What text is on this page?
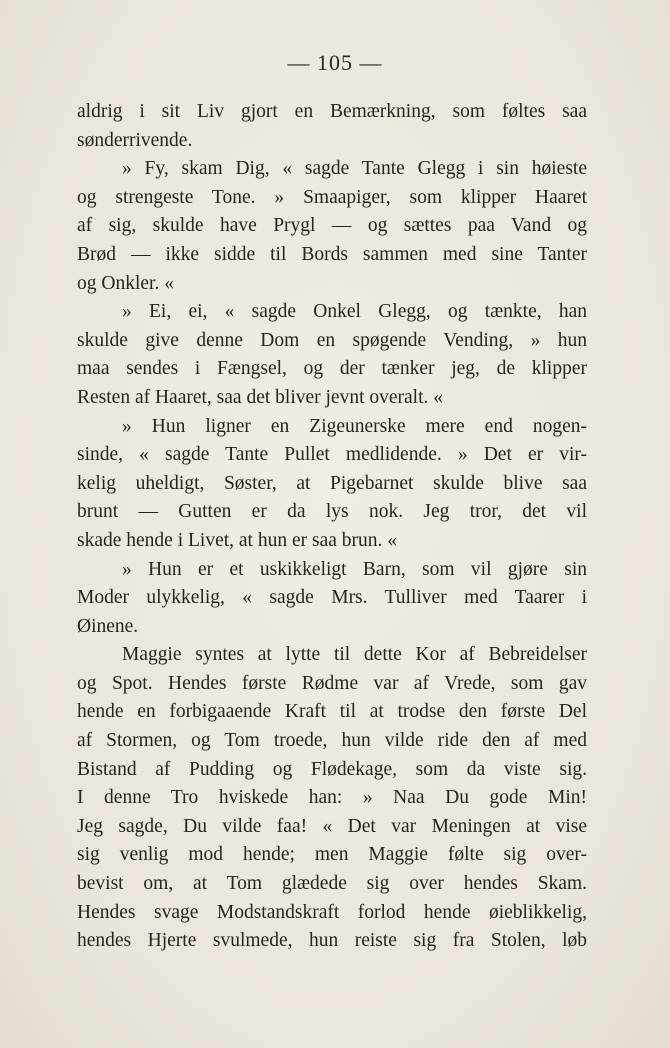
— 105 —
aldrig i sit Liv gjort en Bemærkning, som føltes saa
sønderrivende.
» Fy, skam Dig, « sagde Tante Glegg i sin høieste
og strengeste Tone. » Smaapiger, som klipper Haaret
af sig, skulde have Prygl — og sættes paa Vand og
Brød — ikke sidde til Bords sammen med sine Tanter
og Onkler. «
» Ei, ei, « sagde Onkel Glegg, og tænkte, han
skulde give denne Dom en spøgende Vending, » hun
maa sendes i Fængsel, og der tænker jeg, de klipper
Resten af Haaret, saa det bliver jevnt overalt. «
» Hun ligner en Zigeunerske mere end nogen-
sinde, « sagde Tante Pullet medlidende. » Det er vir-
kelig uheldigt, Søster, at Pigebarnet skulde blive saa
brunt — Gutten er da lys nok. Jeg tror, det vil
skade hende i Livet, at hun er saa brun. «
» Hun er et uskikkeligt Barn, som vil gjøre sin
Moder ulykkelig, « sagde Mrs. Tulliver med Taarer i
Øinene.
Maggie syntes at lytte til dette Kor af Bebreidelser
og Spot. Hendes første Rødme var af Vrede, som gav
hende en forbigaaende Kraft til at trodse den første Del
af Stormen, og Tom troede, hun vilde ride den af med
Bistand af Pudding og Flødekage, som da viste sig.
I denne Tro hviskede han: » Naa Du gode Min!
Jeg sagde, Du vilde faa! « Det var Meningen at vise
sig venlig mod hende; men Maggie følte sig over-
bevist om, at Tom glædede sig over hendes Skam.
Hendes svage Modstandskraft forlod hende øieblikkelig,
hendes Hjerte svulmede, hun reiste sig fra Stolen, løb
